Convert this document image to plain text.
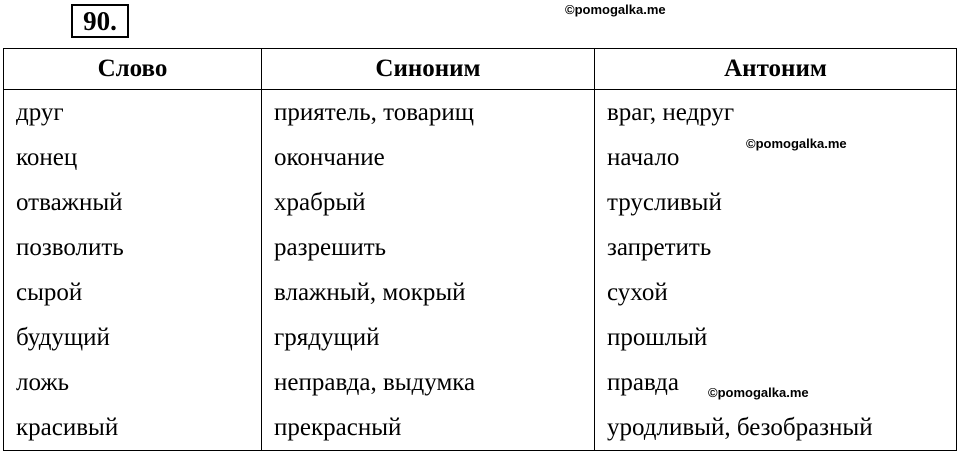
90.	©pomogalka.me
©pomogalka.me
©pomogalka.me
Слово	Синоним	Антоним
друг	приятель, товарищ	враг, недруг
конец	окончание	начало
отважный	храбрый	трусливый
позволить	разрешить	запретить
сырой	влажный, мокрый	сухой
будущий	грядущий	прошлый
ложь	неправда, выдумка	правда
красивый	прекрасный	уродливый, безобразный
